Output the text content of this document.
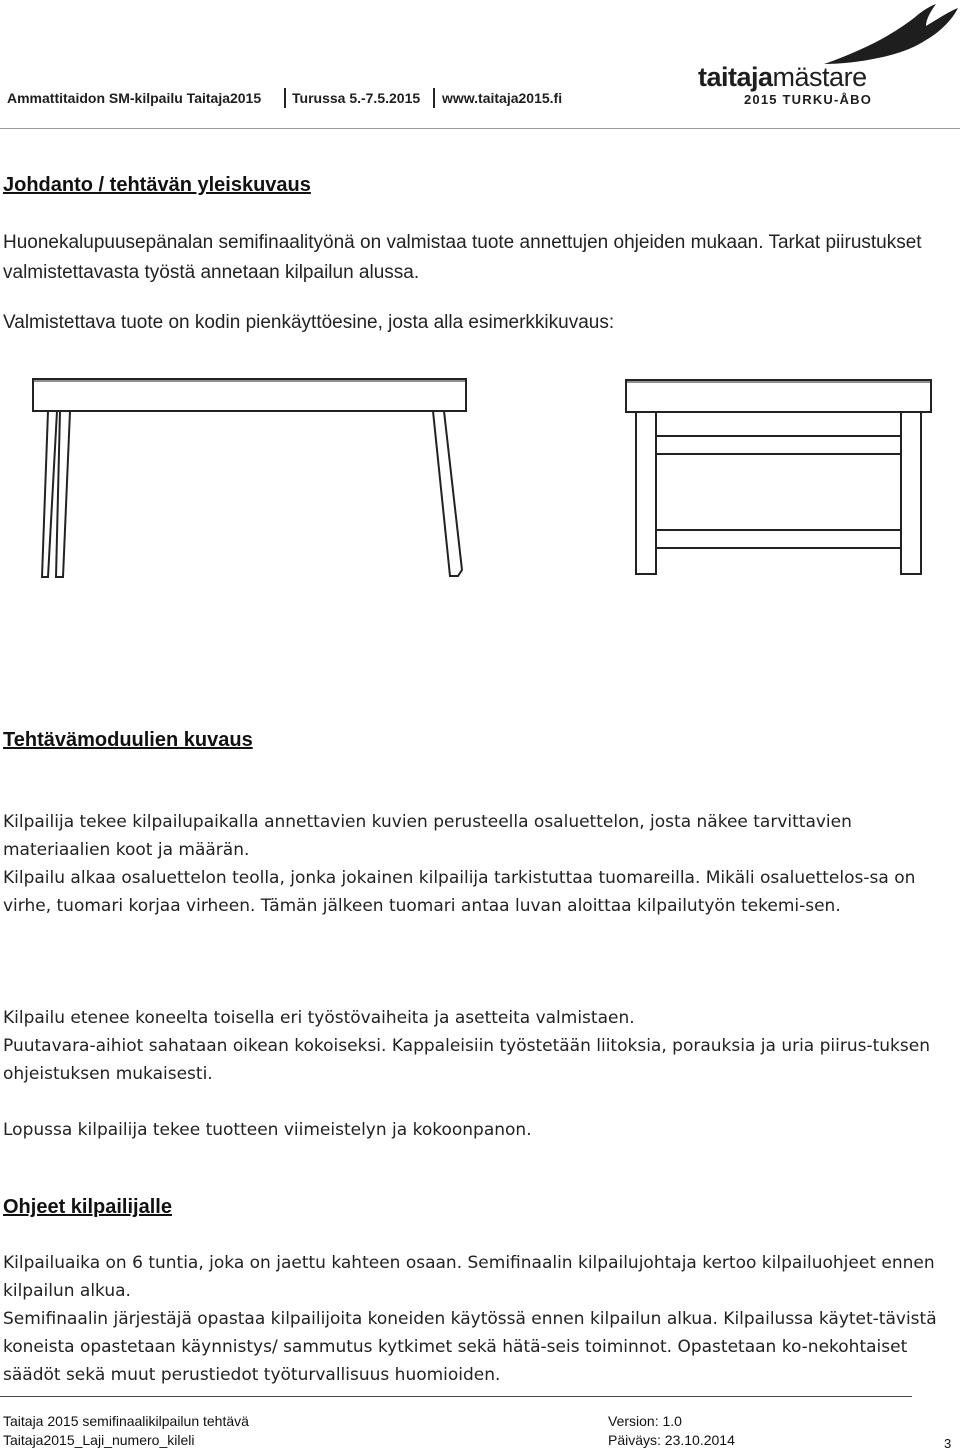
Ammattitaidon SM-kilpailu Taitaja2015 Turussa 5.-7.5.2015 www.taitaja2015.fi
taitajamästare
2015 TURKU-ÅBO
Johdanto / tehtävän yleiskuvaus

Huonekalupuusepänalan semifinaalityönä on valmistaa tuote annettujen ohjeiden mukaan. Tarkat piirustukset valmistettavasta työstä annetaan kilpailun alussa.

Valmistettava tuote on kodin pienkäyttöesine, josta alla esimerkkikuvaus:

Tehtävämoduulien kuvaus

Kilpailija tekee kilpailupaikalla annettavien kuvien perusteella osaluettelon, josta näkee tarvittavien materiaalien koot ja määrän.

Kilpailu alkaa osaluettelon teolla, jonka jokainen kilpailija tarkistuttaa tuomareilla. Mikäli osaluettelos-sa on virhe, tuomari korjaa virheen. Tämän jälkeen tuomari antaa luvan aloittaa kilpailutyön tekemi-sen.

Kilpailu etenee koneelta toisella eri työstövaiheita ja asetteita valmistaen.

Puutavara-aihiot sahataan oikean kokoiseksi. Kappaleisiin työstetään liitoksia, porauksia ja uria piirus-tuksen ohjeistuksen mukaisesti.

Lopussa kilpailija tekee tuotteen viimeistelyn ja kokoonpanon.

Ohjeet kilpailijalle

Kilpailuaika on 6 tuntia, joka on jaettu kahteen osaan. Semifinaalin kilpailujohtaja kertoo kilpailuohjeet ennen kilpailun alkua.

Semifinaalin järjestäjä opastaa kilpailijoita koneiden käytössä ennen kilpailun alkua. Kilpailussa käytet-tävistä koneista opastetaan käynnistys/ sammutus kytkimet sekä hätä-seis toiminnot. Opastetaan ko-nekohtaiset säädöt sekä muut perustiedot työturvallisuus huomioiden.

Taitaja 2015 semifinaalikilpailun tehtävä
Taitaja2015_Laji_numero_kileli
Version: 1.0
Päiväys: 23.10.2014	3
